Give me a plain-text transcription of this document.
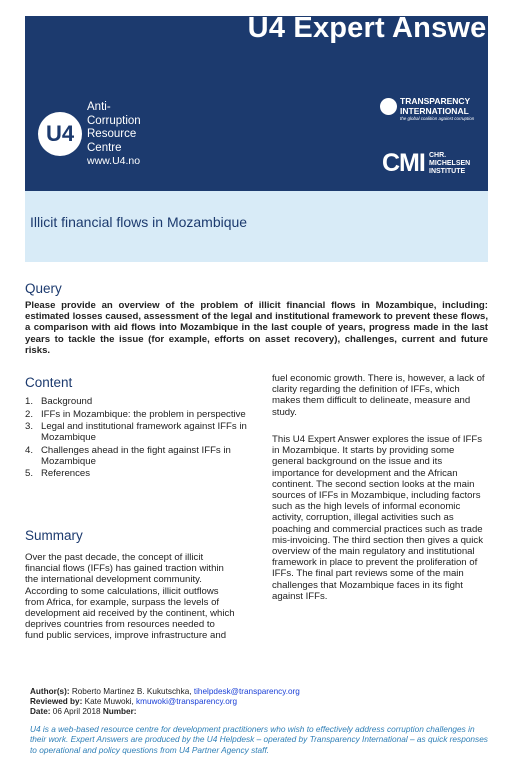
U4 Expert Answer
U4
Anti-
Corruption
Resource
Centre
www.U4.no
TRANSPARENCY
INTERNATIONAL
the global coalition against corruption
CMI CHR.
MICHELSEN
INSTITUTE
Illicit financial flows in Mozambique
Query
Please provide an overview of the problem of illicit financial flows in Mozambique, including: estimated losses caused, assessment of the legal and institutional framework to prevent these flows, a comparison with aid flows into Mozambique in the last couple of years, progress made in the last years to tackle the issue (for example, efforts on asset recovery), challenges, current and future risks.
Content
1. Background
2. IFFs in Mozambique: the problem in perspective
3. Legal and institutional framework against IFFs in Mozambique
4. Challenges ahead in the fight against IFFs in Mozambique
5. References
Summary
Over the past decade, the concept of illicit financial flows (IFFs) has gained traction within the international development community. According to some calculations, illicit outflows from Africa, for example, surpass the levels of development aid received by the continent, which deprives countries from resources needed to fund public services, improve infrastructure and
fuel economic growth. There is, however, a lack of clarity regarding the definition of IFFs, which makes them difficult to delineate, measure and study.
This U4 Expert Answer explores the issue of IFFs in Mozambique. It starts by providing some general background on the issue and its importance for development and the African continent. The second section looks at the main sources of IFFs in Mozambique, including factors such as the high levels of informal economic activity, corruption, illegal activities such as poaching and commercial practices such as trade mis-invoicing. The third section then gives a quick overview of the main regulatory and institutional framework in place to prevent the proliferation of IFFs. The final part reviews some of the main challenges that Mozambique faces in its fight against IFFs.
Author(s): Roberto Martinez B. Kukutschka, tihelpdesk@transparency.org
Reviewed by: Kate Muwoki, kmuwoki@transparency.org
Date: 06 April 2018 Number:
U4 is a web-based resource centre for development practitioners who wish to effectively address corruption challenges in their work. Expert Answers are produced by the U4 Helpdesk – operated by Transparency International – as quick responses to operational and policy questions from U4 Partner Agency staff.
